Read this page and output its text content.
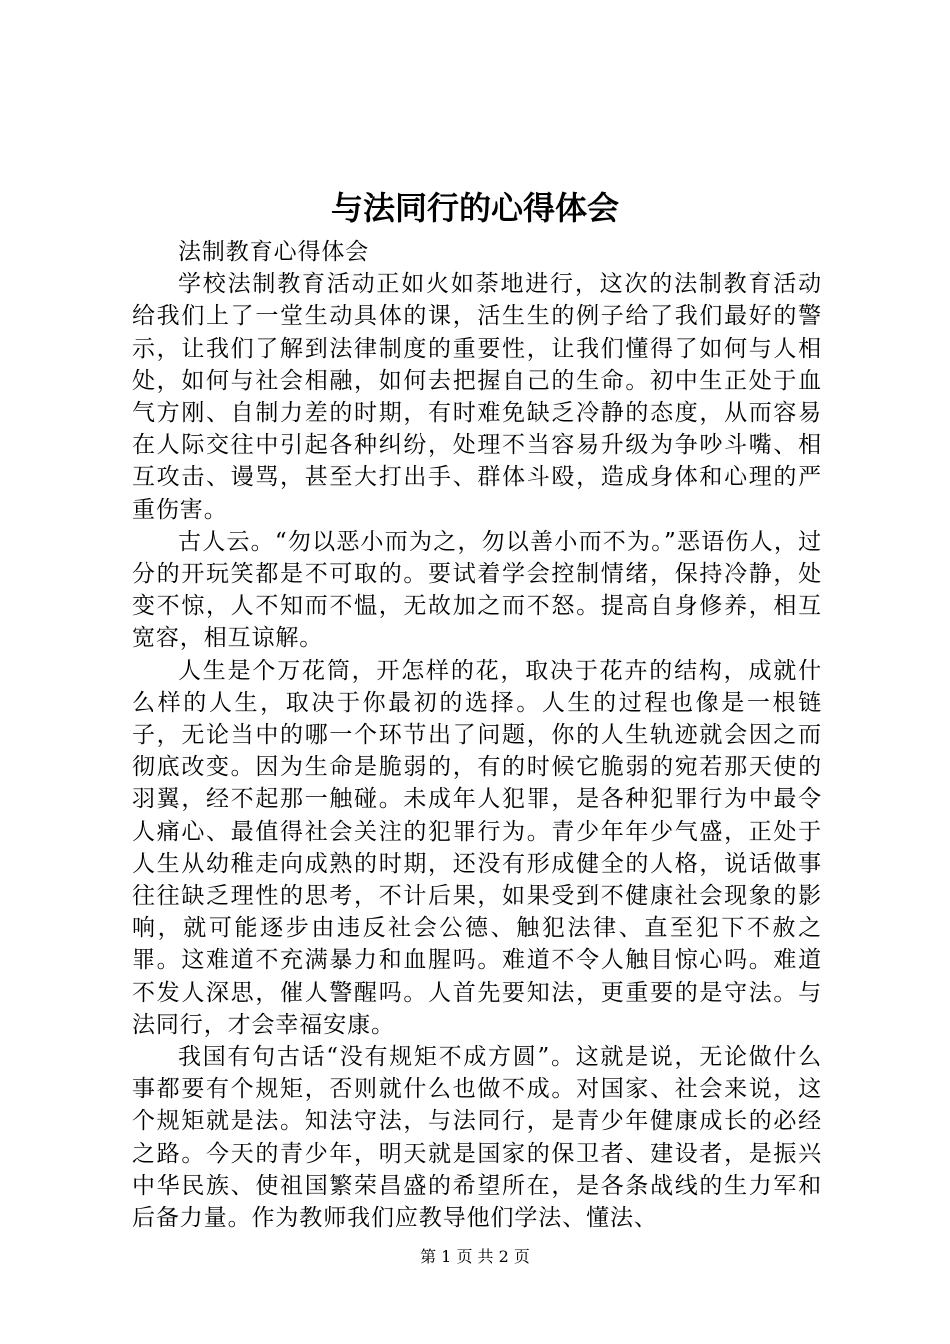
与法同行的心得体会

法制教育心得体会

学校法制教育活动正如火如荼地进行，这次的法制教育活动给我们上了一堂生动具体的课，活生生的例子给了我们最好的警示，让我们了解到法律制度的重要性，让我们懂得了如何与人相处，如何与社会相融，如何去把握自己的生命。初中生正处于血气方刚、自制力差的时期，有时难免缺乏冷静的态度，从而容易在人际交往中引起各种纠纷，处理不当容易升级为争吵斗嘴、相互攻击、谩骂，甚至大打出手、群体斗殴，造成身体和心理的严重伤害。

古人云。“勿以恶小而为之，勿以善小而不为。”恶语伤人，过分的开玩笑都是不可取的。要试着学会控制情绪，保持冷静，处变不惊，人不知而不愠，无故加之而不怒。提高自身修养，相互宽容，相互谅解。

人生是个万花筒，开怎样的花，取决于花卉的结构，成就什么样的人生，取决于你最初的选择。人生的过程也像是一根链子，无论当中的哪一个环节出了问题，你的人生轨迹就会因之而彻底改变。因为生命是脆弱的，有的时候它脆弱的宛若那天使的羽翼，经不起那一触碰。未成年人犯罪，是各种犯罪行为中最令人痛心、最值得社会关注的犯罪行为。青少年年少气盛，正处于人生从幼稚走向成熟的时期，还没有形成健全的人格，说话做事往往缺乏理性的思考，不计后果，如果受到不健康社会现象的影响，就可能逐步由违反社会公德、触犯法律、直至犯下不赦之罪。这难道不充满暴力和血腥吗。难道不令人触目惊心吗。难道不发人深思，催人警醒吗。人首先要知法，更重要的是守法。与法同行，才会幸福安康。

我国有句古话“没有规矩不成方圆”。这就是说，无论做什么事都要有个规矩，否则就什么也做不成。对国家、社会来说，这个规矩就是法。知法守法，与法同行，是青少年健康成长的必经之路。今天的青少年，明天就是国家的保卫者、建设者，是振兴中华民族、使祖国繁荣昌盛的希望所在，是各条战线的生力军和后备力量。作为教师我们应教导他们学法、懂法、

第 1 页 共 2 页
